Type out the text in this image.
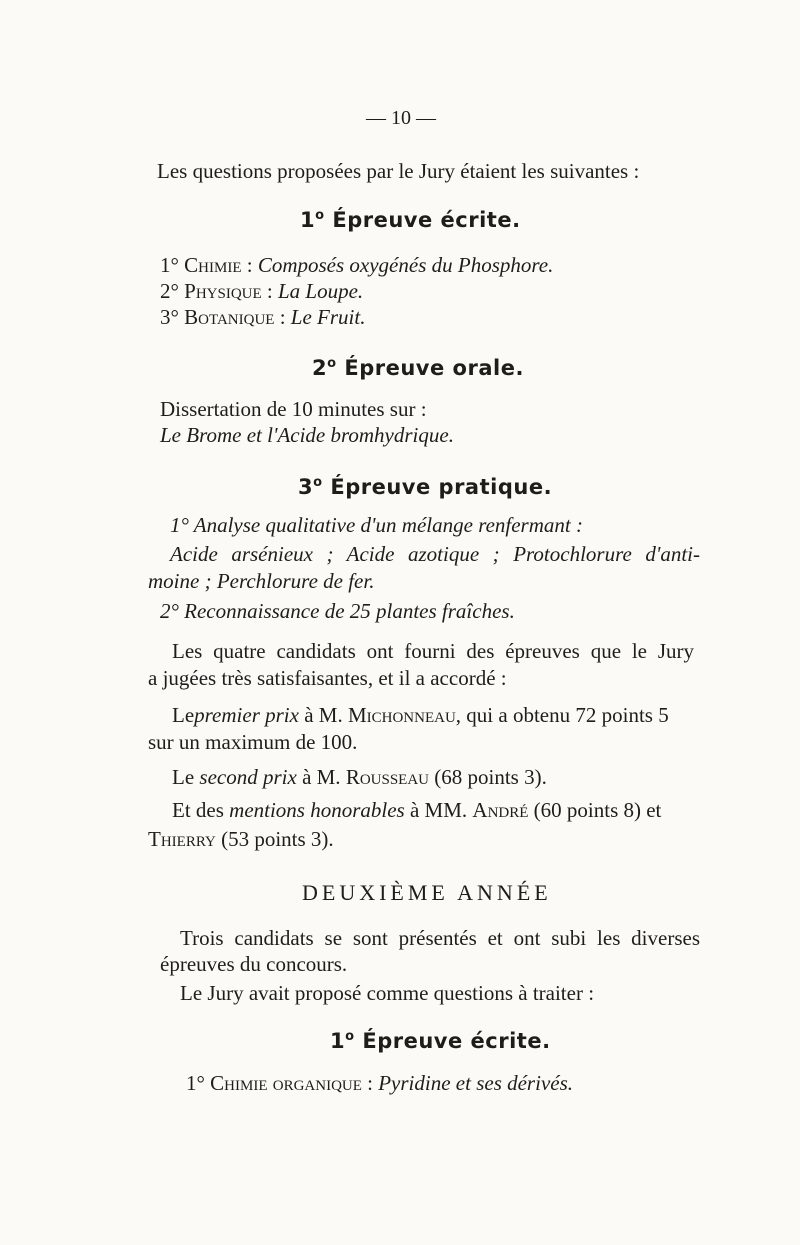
— 10 —
Les questions proposées par le Jury étaient les suivantes :
1$^o$ Épreuve écrite.
1° Chimie : Composés oxygénés du Phosphore.
2° Physique : La Loupe.
3° Botanique : Le Fruit.
2$^o$ Épreuve orale.
Dissertation de 10 minutes sur :
Le Brome et l'Acide bromhydrique.
3$^o$ Épreuve pratique.
1° Analyse qualitative d'un mélange renfermant :
Acide arsénieux ; Acide azotique ; Protochlorure d'anti-
moine ; Perchlorure de fer.
2° Reconnaissance de 25 plantes fraîches.
Les quatre candidats ont fourni des épreuves que le Jury
a jugées très satisfaisantes, et il a accordé :
Lepremier prix à M. Michonneau, qui a obtenu 72 points 5
sur un maximum de 100.
Le second prix à M. Rousseau (68 points 3).
Et des mentions honorables à MM. André (60 points 8) et
Thierry (53 points 3).
DEUXIÈME ANNÉE
Trois candidats se sont présentés et ont subi les diverses
épreuves du concours.
Le Jury avait proposé comme questions à traiter :
1$^o$ Épreuve écrite.
1° Chimie organique : Pyridine et ses dérivés.
